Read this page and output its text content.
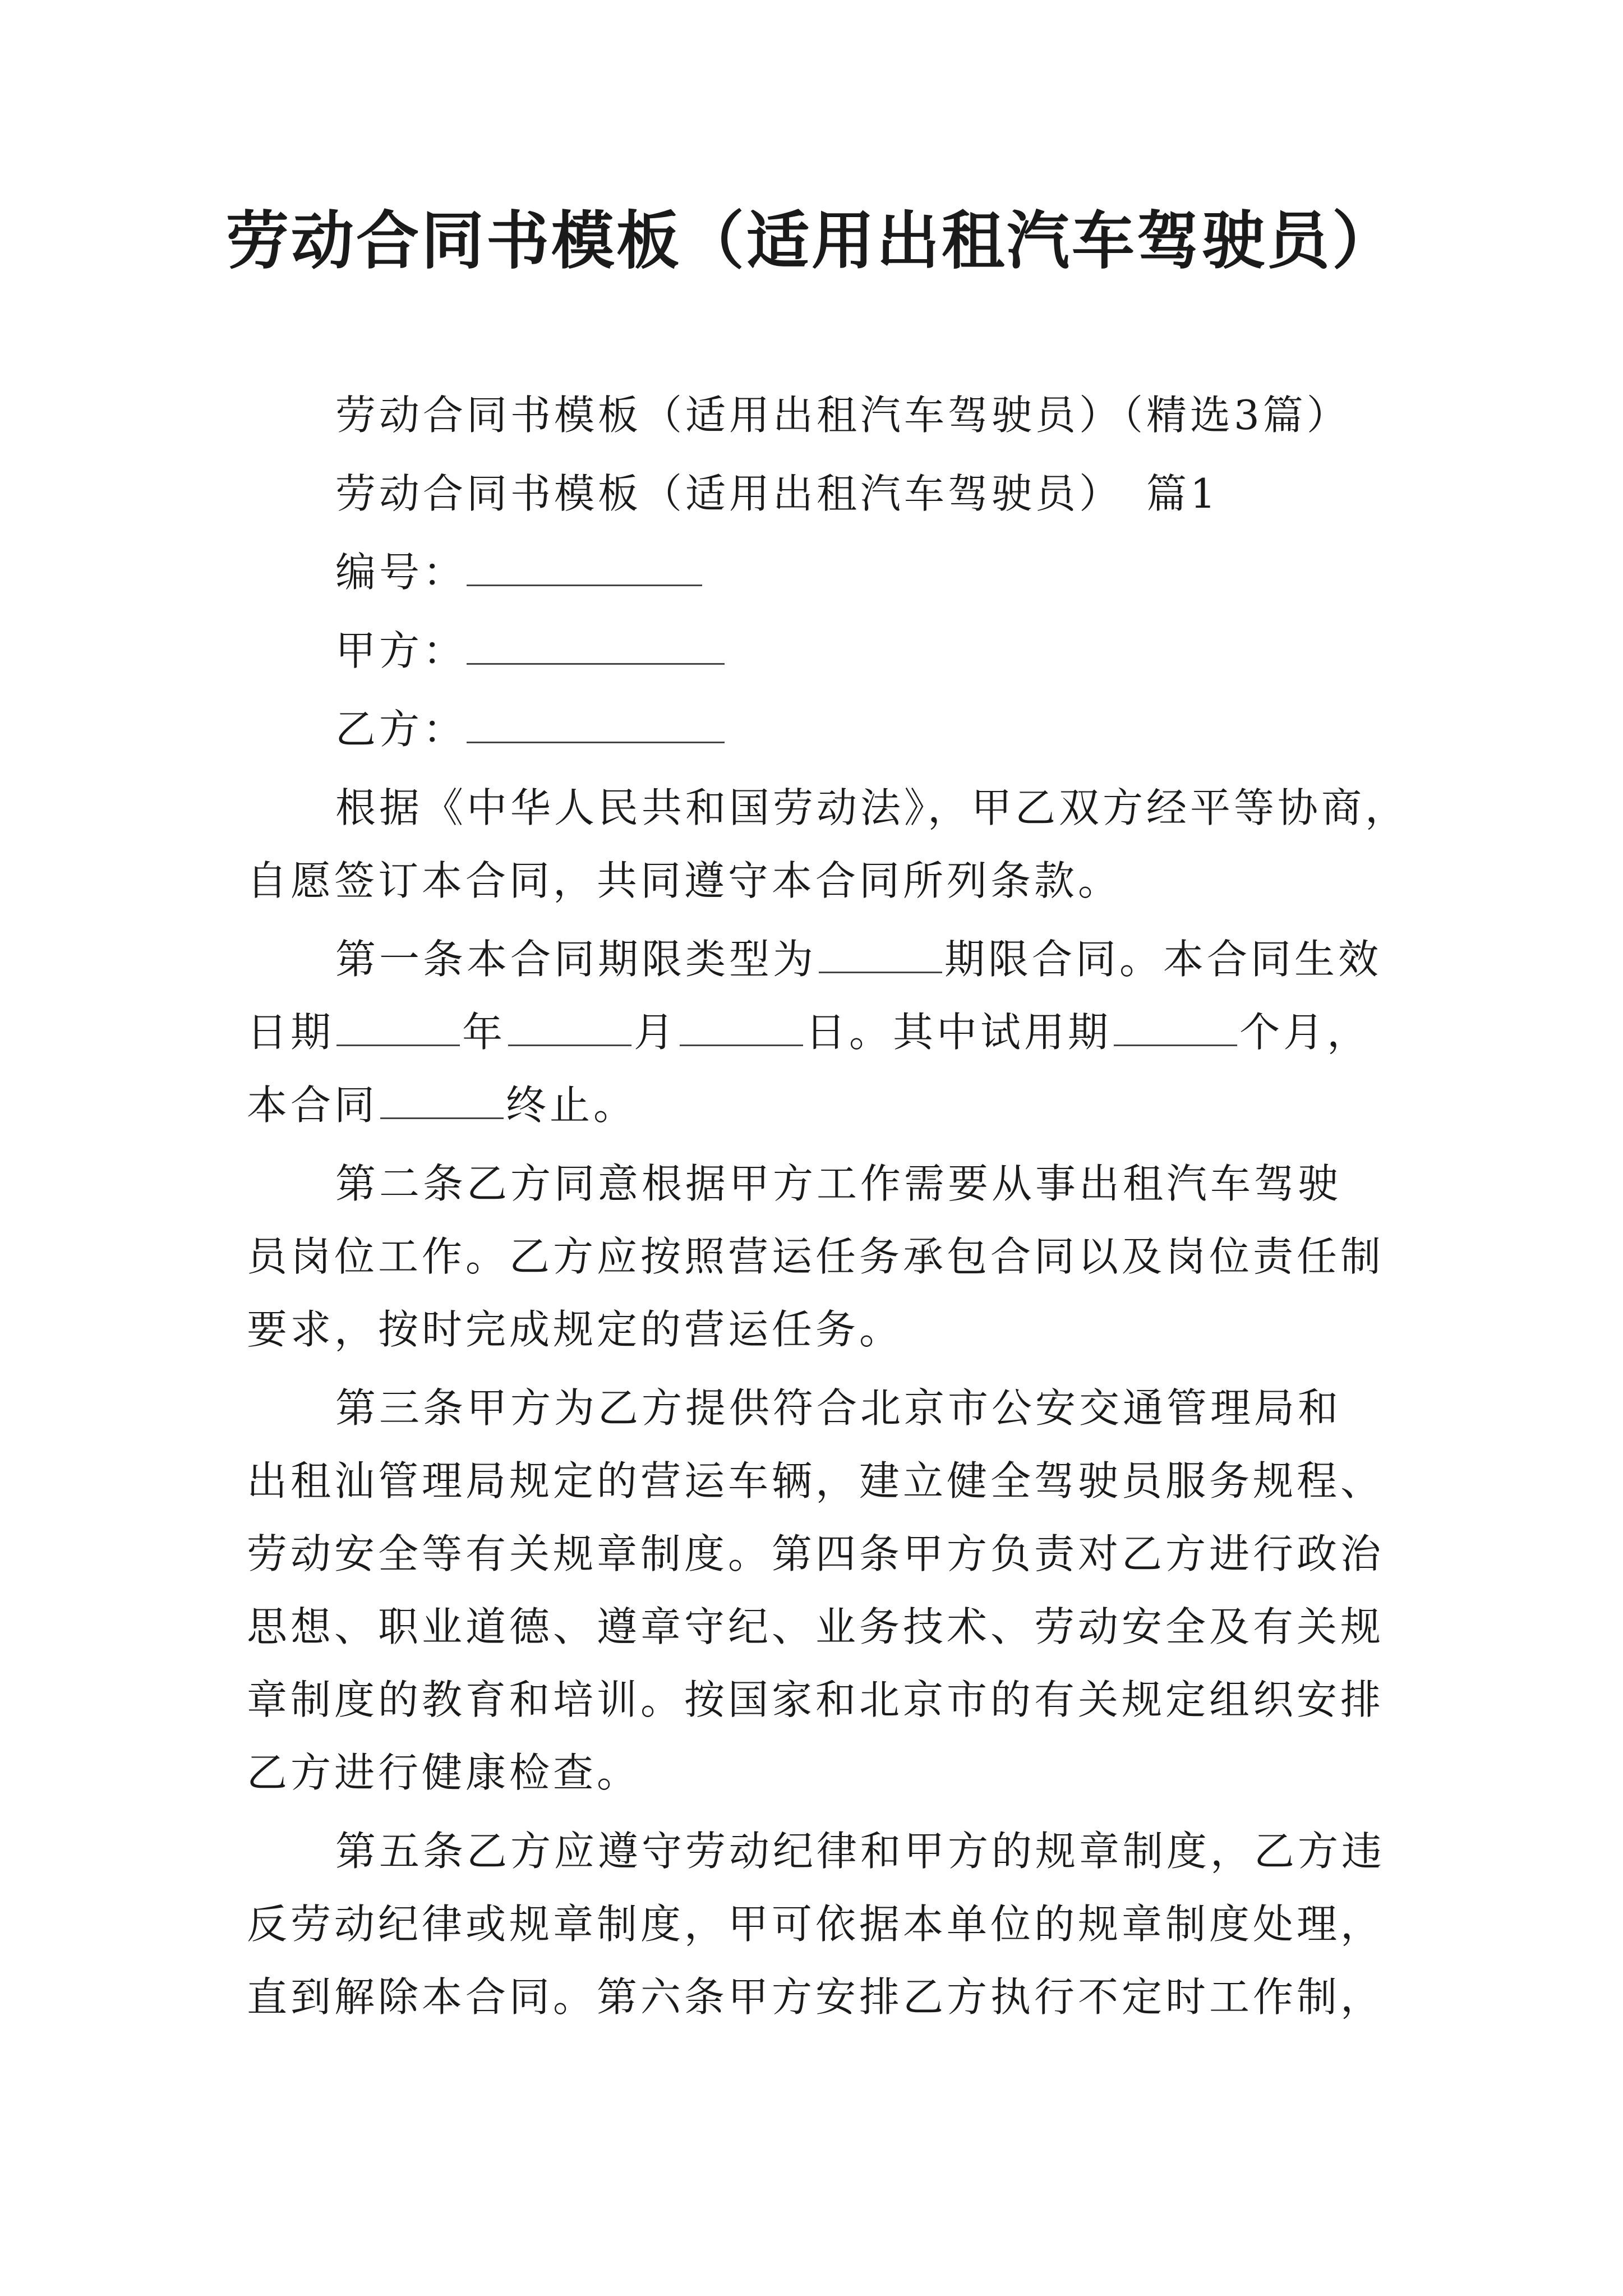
劳动合同书模板（适用出租汽车驾驶员）
劳动合同书模板（适用出租汽车驾驶员）（精选3篇）
劳动合同书模板（适用出租汽车驾驶员）　篇1
编号：
甲方：
乙方：
根据《中华人民共和国劳动法》，甲乙双方经平等协商，
自愿签订本合同，共同遵守本合同所列条款。
第一条本合同期限类型为	期限合同。本合同生效
日期	年	月	日。其中试用期	个月，
本合同	终止。
第二条乙方同意根据甲方工作需要从事出租汽车驾驶
员岗位工作。乙方应按照营运任务承包合同以及岗位责任制
要求，按时完成规定的营运任务。
第三条甲方为乙方提供符合北京市公安交通管理局和
出租汕管理局规定的营运车辆，建立健全驾驶员服务规程、
劳动安全等有关规章制度。第四条甲方负责对乙方进行政治
思想、职业道德、遵章守纪、业务技术、劳动安全及有关规
章制度的教育和培训。按国家和北京市的有关规定组织安排
乙方进行健康检查。
第五条乙方应遵守劳动纪律和甲方的规章制度，乙方违
反劳动纪律或规章制度，甲可依据本单位的规章制度处理，
直到解除本合同。第六条甲方安排乙方执行不定时工作制，
